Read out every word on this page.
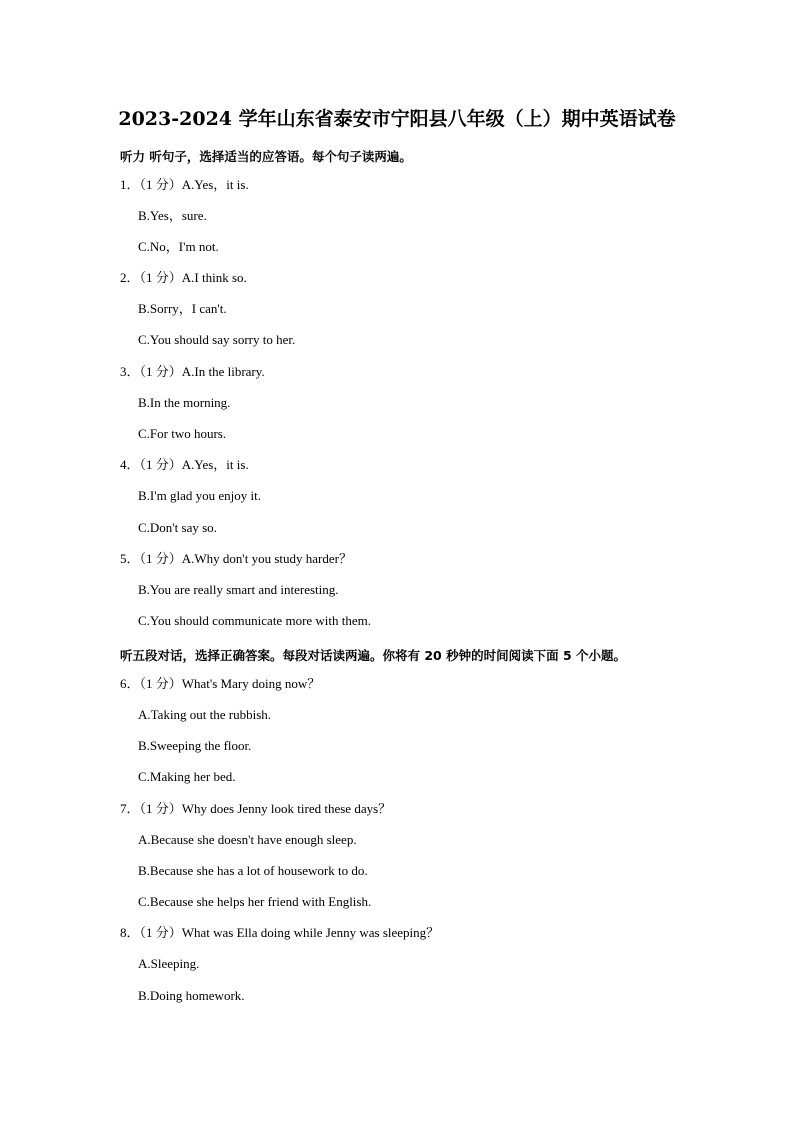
2023-2024 学年山东省泰安市宁阳县八年级（上）期中英语试卷
听力 听句子，选择适当的应答语。每个句子读两遍。
1．（1 分）A.Yes，it is.
B.Yes，sure.
C.No，I'm not.
2．（1 分）A.I think so.
B.Sorry，I can't.
C.You should say sorry to her.
3．（1 分）A.In the library.
B.In the morning.
C.For two hours.
4．（1 分）A.Yes，it is.
B.I'm glad you enjoy it.
C.Don't say so.
5．（1 分）A.Why don't you study harder？
B.You are really smart and interesting.
C.You should communicate more with them.
听五段对话，选择正确答案。每段对话读两遍。你将有 20 秒钟的时间阅读下面 5 个小题。
6．（1 分）What's Mary doing now？
A.Taking out the rubbish.
B.Sweeping the floor.
C.Making her bed.
7．（1 分）Why does Jenny look tired these days？
A.Because she doesn't have enough sleep.
B.Because she has a lot of housework to do.
C.Because she helps her friend with English.
8．（1 分）What was Ella doing while Jenny was sleeping？
A.Sleeping.
B.Doing homework.
